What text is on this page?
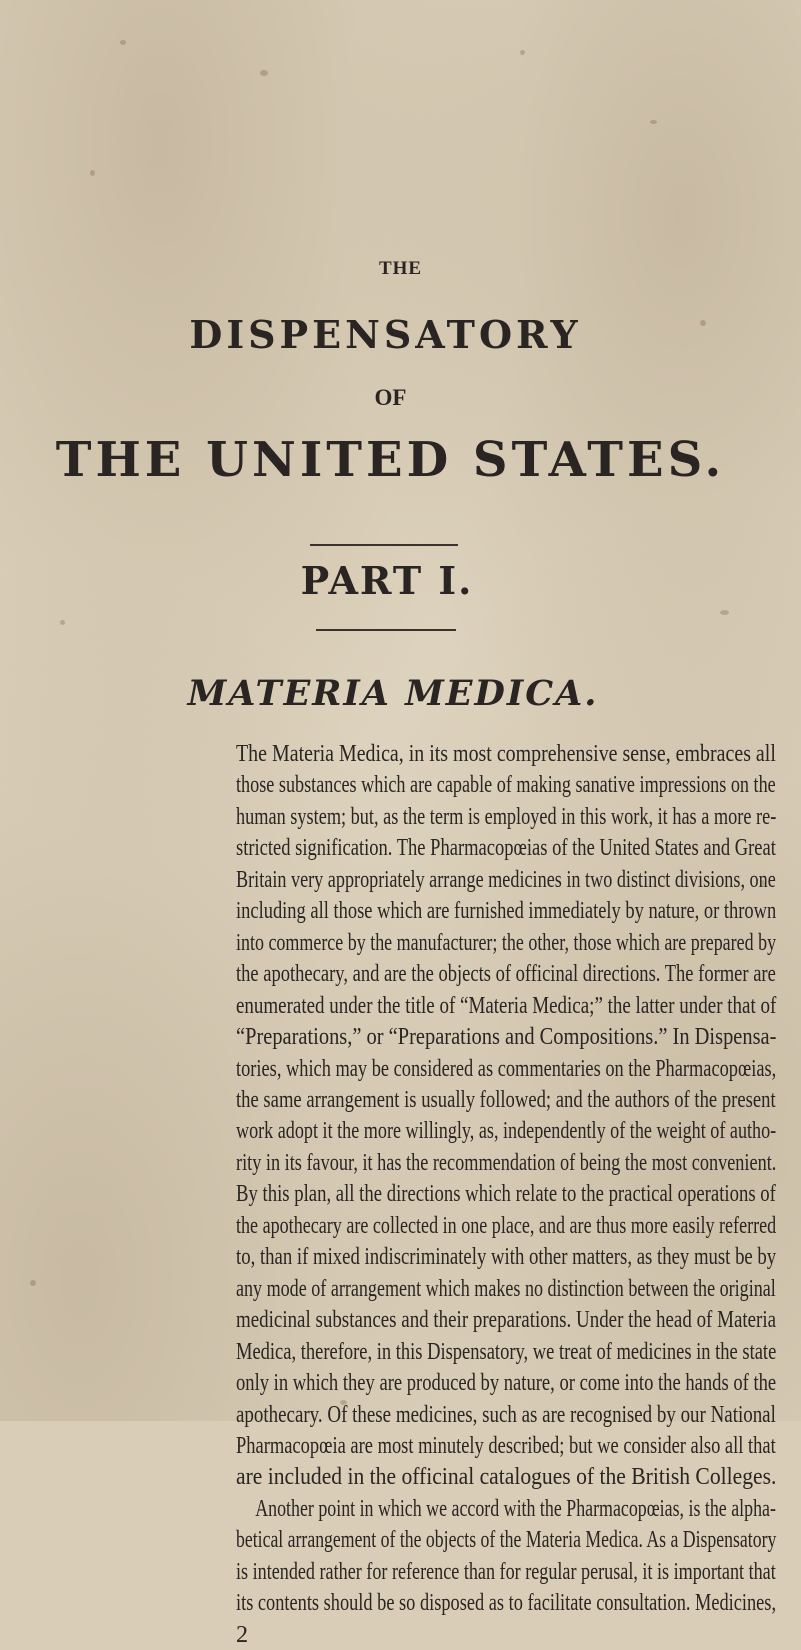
THE
DISPENSATORY
OF
THE UNITED STATES.
PART I.
MATERIA MEDICA.
The Materia Medica, in its most comprehensive sense, embraces all
those substances which are capable of making sanative impressions on the
human system; but, as the term is employed in this work, it has a more re-
stricted signification. The Pharmacopœias of the United States and Great
Britain very appropriately arrange medicines in two distinct divisions, one
including all those which are furnished immediately by nature, or thrown
into commerce by the manufacturer; the other, those which are prepared by
the apothecary, and are the objects of officinal directions. The former are
enumerated under the title of “Materia Medica;” the latter under that of
“Preparations,” or “Preparations and Compositions.” In Dispensa-
tories, which may be considered as commentaries on the Pharmacopœias,
the same arrangement is usually followed; and the authors of the present
work adopt it the more willingly, as, independently of the weight of autho-
rity in its favour, it has the recommendation of being the most convenient.
By this plan, all the directions which relate to the practical operations of
the apothecary are collected in one place, and are thus more easily referred
to, than if mixed indiscriminately with other matters, as they must be by
any mode of arrangement which makes no distinction between the original
medicinal substances and their preparations. Under the head of Materia
Medica, therefore, in this Dispensatory, we treat of medicines in the state
only in which they are produced by nature, or come into the hands of the
apothecary. Of these medicines, such as are recognised by our National
Pharmacopœia are most minutely described; but we consider also all that
are included in the officinal catalogues of the British Colleges.
Another point in which we accord with the Pharmacopœias, is the alpha-
betical arrangement of the objects of the Materia Medica. As a Dispensatory
is intended rather for reference than for regular perusal, it is important that
its contents should be so disposed as to facilitate consultation. Medicines,
2
